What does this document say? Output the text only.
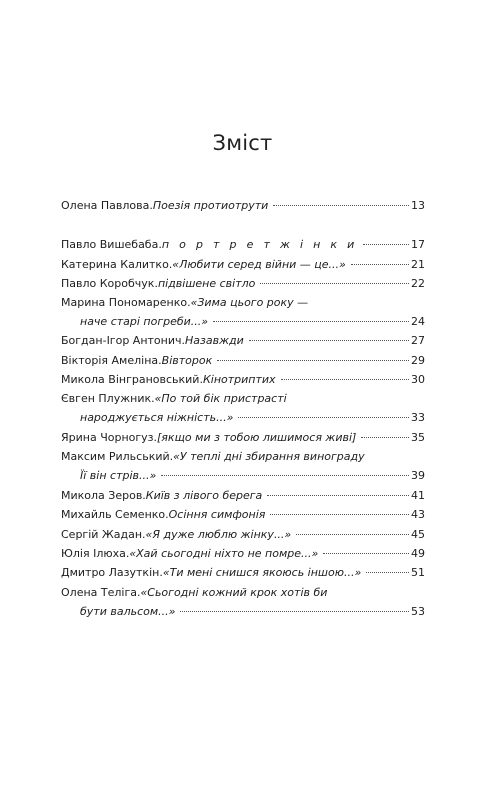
Зміст
Олена Павлова. Поезія протиотрути	13
Павло Вишебаба. п о р т р е т ж і н к и	17
Катерина Калитко. «Любити серед війни — це...»	21
Павло Коробчук. підвішене світло	22
Марина Пономаренко. «Зима цього року —
наче старі погреби...»	24
Богдан-Ігор Антонич. Назавжди	27
Вікторія Амеліна. Вівторок	29
Микола Вінграновський. Кінотриптих	30
Євген Плужник. «По той бік пристрасті
народжується ніжність...»	33
Ярина Чорногуз. [якщо ми з тобою лишимося живі]	35
Максим Рильський. «У теплі дні збирання винограду
Її він стрів...»	39
Микола Зеров. Київ з лівого берега	41
Михайль Семенко. Осіння симфонія	43
Сергій Жадан. «Я дуже люблю жінку...»	45
Юлія Ілюха. «Хай сьогодні ніхто не помре...»	49
Дмитро Лазуткін. «Ти мені снишся якоюсь іншою...»	51
Олена Теліга. «Сьогодні кожний крок хотів би
бути вальсом...»	53
